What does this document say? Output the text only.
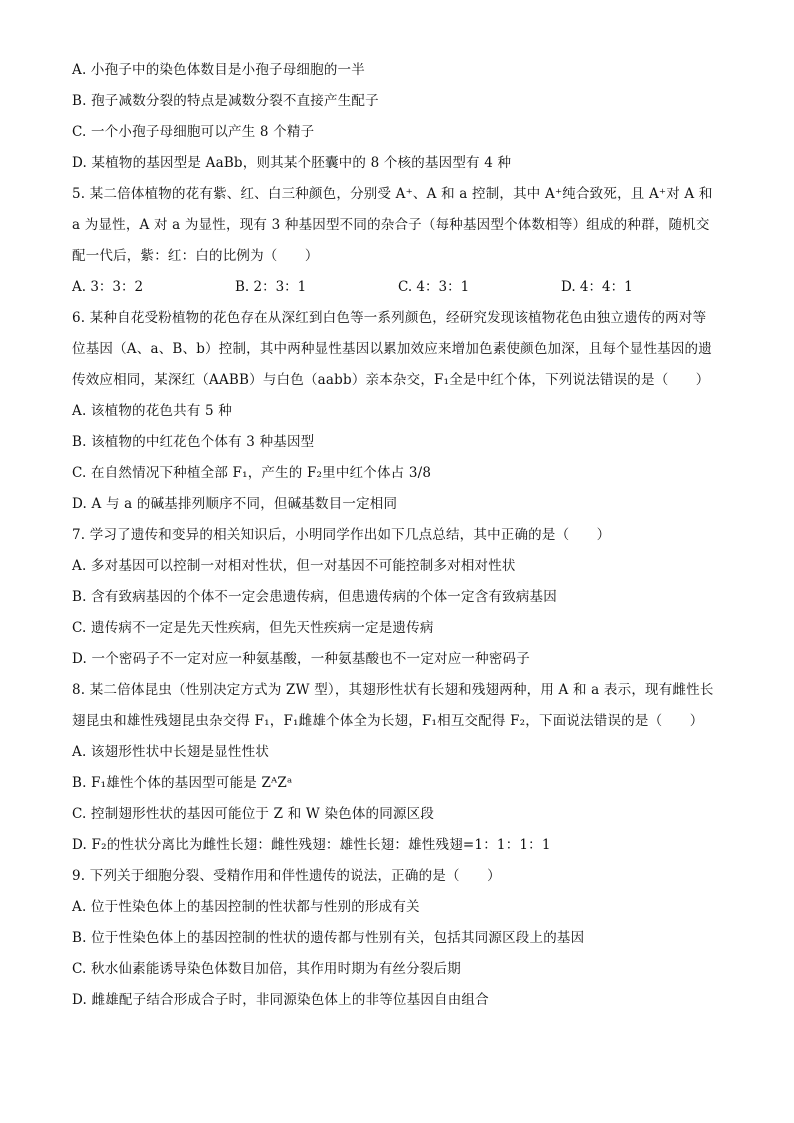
A. 小孢子中的染色体数目是小孢子母细胞的一半
B. 孢子减数分裂的特点是减数分裂不直接产生配子
C. 一个小孢子母细胞可以产生 8 个精子
D. 某植物的基因型是 AaBb，则其某个胚囊中的 8 个核的基因型有 4 种
5. 某二倍体植物的花有紫、红、白三种颜色，分别受 A⁺、A 和 a 控制，其中 A⁺纯合致死，且 A⁺对 A 和
a 为显性，A 对 a 为显性，现有 3 种基因型不同的杂合子（每种基因型个体数相等）组成的种群，随机交
配一代后，紫：红：白的比例为（　　）
A. 3：3：2	B. 2：3：1	C. 4：3：1	D. 4：4：1
6. 某种自花受粉植物的花色存在从深红到白色等一系列颜色，经研究发现该植物花色由独立遗传的两对等
位基因（A、a、B、b）控制，其中两种显性基因以累加效应来增加色素使颜色加深，且每个显性基因的遗
传效应相同，某深红（AABB）与白色（aabb）亲本杂交，F₁全是中红个体，下列说法错误的是（　　）
A. 该植物的花色共有 5 种
B. 该植物的中红花色个体有 3 种基因型
C. 在自然情况下种植全部 F₁，产生的 F₂里中红个体占 3/8
D. A 与 a 的碱基排列顺序不同，但碱基数目一定相同
7. 学习了遗传和变异的相关知识后，小明同学作出如下几点总结，其中正确的是（　　）
A. 多对基因可以控制一对相对性状，但一对基因不可能控制多对相对性状
B. 含有致病基因的个体不一定会患遗传病，但患遗传病的个体一定含有致病基因
C. 遗传病不一定是先天性疾病，但先天性疾病一定是遗传病
D. 一个密码子不一定对应一种氨基酸，一种氨基酸也不一定对应一种密码子
8. 某二倍体昆虫（性别决定方式为 ZW 型），其翅形性状有长翅和残翅两种，用 A 和 a 表示，现有雌性长
翅昆虫和雄性残翅昆虫杂交得 F₁，F₁雌雄个体全为长翅，F₁相互交配得 F₂，下面说法错误的是（　　）
A. 该翅形性状中长翅是显性性状
B. F₁雄性个体的基因型可能是 ZᴬZᵃ
C. 控制翅形性状的基因可能位于 Z 和 W 染色体的同源区段
D. F₂的性状分离比为雌性长翅：雌性残翅：雄性长翅：雄性残翅=1：1：1：1
9. 下列关于细胞分裂、受精作用和伴性遗传的说法，正确的是（　　）
A. 位于性染色体上的基因控制的性状都与性别的形成有关
B. 位于性染色体上的基因控制的性状的遗传都与性别有关，包括其同源区段上的基因
C. 秋水仙素能诱导染色体数目加倍，其作用时期为有丝分裂后期
D. 雌雄配子结合形成合子时，非同源染色体上的非等位基因自由组合
